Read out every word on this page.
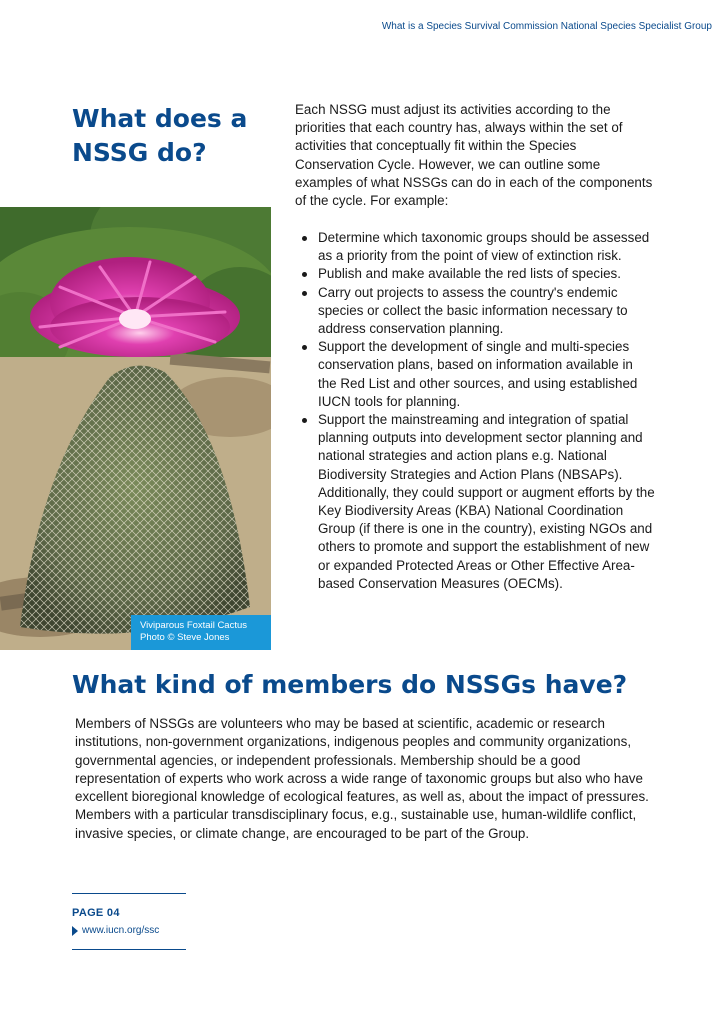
What is a Species Survival Commission National Species Specialist Group
What does a NSSG do?

Each NSSG must adjust its activities according to the priorities that each country has, always within the set of activities that conceptually fit within the Species Conservation Cycle. However, we can outline some examples of what NSSGs can do in each of the components of the cycle. For example:

Determine which taxonomic groups should be assessed as a priority from the point of view of extinction risk.
Publish and make available the red lists of species.
Carry out projects to assess the country's endemic species or collect the basic information necessary to address conservation planning.
Support the development of single and multi-species conservation plans, based on information available in the Red List and other sources, and using established IUCN tools for planning.
Support the mainstreaming and integration of spatial planning outputs into development sector planning and national strategies and action plans e.g. National Biodiversity Strategies and Action Plans (NBSAPs). Additionally, they could support or augment efforts by the Key Biodiversity Areas (KBA) National Coordination Group (if there is one in the country), existing NGOs and others to promote and support the establishment of new or expanded Protected Areas or Other Effective Area-based Conservation Measures (OECMs).
Viviparous Foxtail Cactus
Photo © Steve Jones
What kind of members do NSSGs have?

Members of NSSGs are volunteers who may be based at scientific, academic or research institutions, non-government organizations, indigenous peoples and community organizations, governmental agencies, or independent professionals. Membership should be a good representation of experts who work across a wide range of taxonomic groups but also who have excellent bioregional knowledge of ecological features, as well as, about the impact of pressures. Members with a particular transdisciplinary focus, e.g., sustainable use, human-wildlife conflict, invasive species, or climate change, are encouraged to be part of the Group.

PAGE 04
www.iucn.org/ssc
